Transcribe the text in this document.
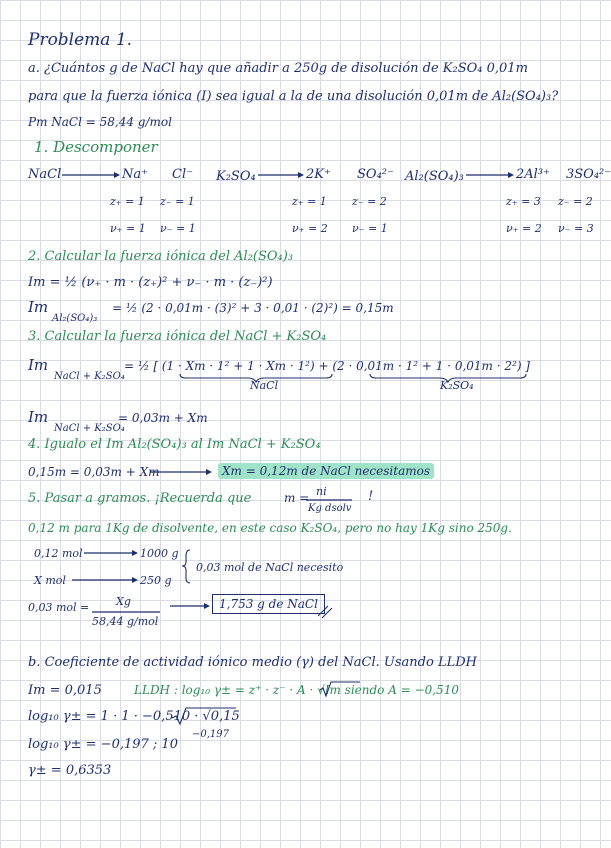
Problema 1.
a. ¿Cuántos g de NaCl hay que añadir a 250g de disolución de K₂SO₄ 0,01m
para que la fuerza iónica (I) sea igual a la de una disolución 0,01m de Al₂(SO₄)₃?
Pm NaCl = 58,44 g/mol
1. Descomponer
NaCl	Na⁺ Cl⁻ K₂SO₄	2K⁺ SO₄²⁻ Al₂(SO₄)₃	2Al³⁺ 3SO₄²⁻
z₊ = 1 z₋ = 1
ν₊ = 1 ν₋ = 1
z₊ = 1 z₋ = 2
ν₊ = 2 ν₋ = 1
z₊ = 3 z₋ = 2
ν₊ = 2 ν₋ = 3
2. Calcular la fuerza iónica del Al₂(SO₄)₃
Im = ½ (ν₊ · m · (z₊)² + ν₋ · m · (z₋)²)
Im
Al₂(SO₄)₃
= ½ (2 · 0,01m · (3)² + 3 · 0,01 · (2)²) = 0,15m
3. Calcular la fuerza iónica del NaCl + K₂SO₄
Im
NaCl + K₂SO₄
= ½ [ (1 · Xm · 1² + 1 · Xm · 1²) + (2 · 0,01m · 1² + 1 · 0,01m · 2²) ]
NaCl	K₂SO₄
Im
NaCl + K₂SO₄
= 0,03m + Xm
4. Igualo el Im Al₂(SO₄)₃ al Im NaCl + K₂SO₄
0,15m = 0,03m + Xm	Xm = 0,12m de NaCl necesitamos
5. Pasar a gramos. ¡Recuerda que	m = ni
Kg dsolv
!
0,12 m para 1Kg de disolvente, en este caso K₂SO₄, pero no hay 1Kg sino 250g.
0,12 mol	1000 g
X mol	250 g
0,03 mol de NaCl necesito
0,03 mol = Xg
58,44 g/mol
1,753 g de NaCl
b. Coeficiente de actividad iónico medio (γ) del NaCl. Usando LLDH
Im = 0,015	LLDH : log₁₀ γ± = z⁺ · z⁻ · A · √Im siendo A = −0,510
log₁₀ γ± = 1 · 1 · −0,510 · √0,15
log₁₀ γ± = −0,197 ; 10
−0,197
γ± = 0,6353
